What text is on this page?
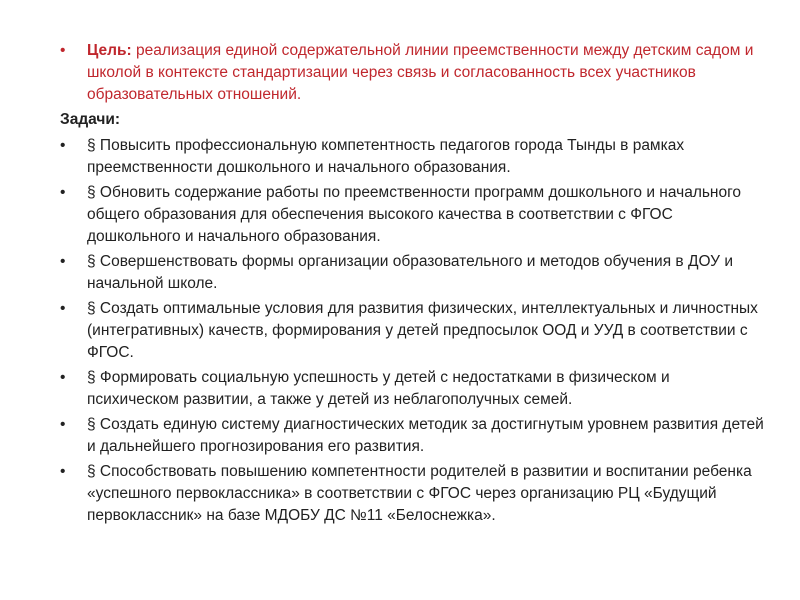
•	Цель: реализация единой содержательной линии преемственности между детским садом и школой в контексте стандартизации через связь и согласованность всех участников образовательных отношений.
Задачи:
•	§ Повысить профессиональную компетентность педагогов города Тынды в рамках преемственности дошкольного и начального образования.
•	§ Обновить содержание работы по преемственности программ дошкольного и начального общего образования для обеспечения высокого качества в соответствии с ФГОС дошкольного и начального образования.
•	§ Совершенствовать формы организации образовательного и методов обучения в ДОУ и начальной школе.
•	§ Создать оптимальные условия для развития физических, интеллектуальных и личностных (интегративных) качеств, формирования у детей предпосылок ООД и УУД в соответствии с ФГОС.
•	§ Формировать социальную успешность у детей с недостатками в физическом и психическом развитии, а также у детей из неблагополучных семей.
•	§ Создать единую систему диагностических методик за достигнутым уровнем развития детей и дальнейшего прогнозирования его развития.
•	§ Способствовать повышению компетентности родителей в развитии и воспитании ребенка «успешного первоклассника» в соответствии с ФГОС через организацию РЦ «Будущий первоклассник» на базе МДОБУ ДС №11 «Белоснежка».
